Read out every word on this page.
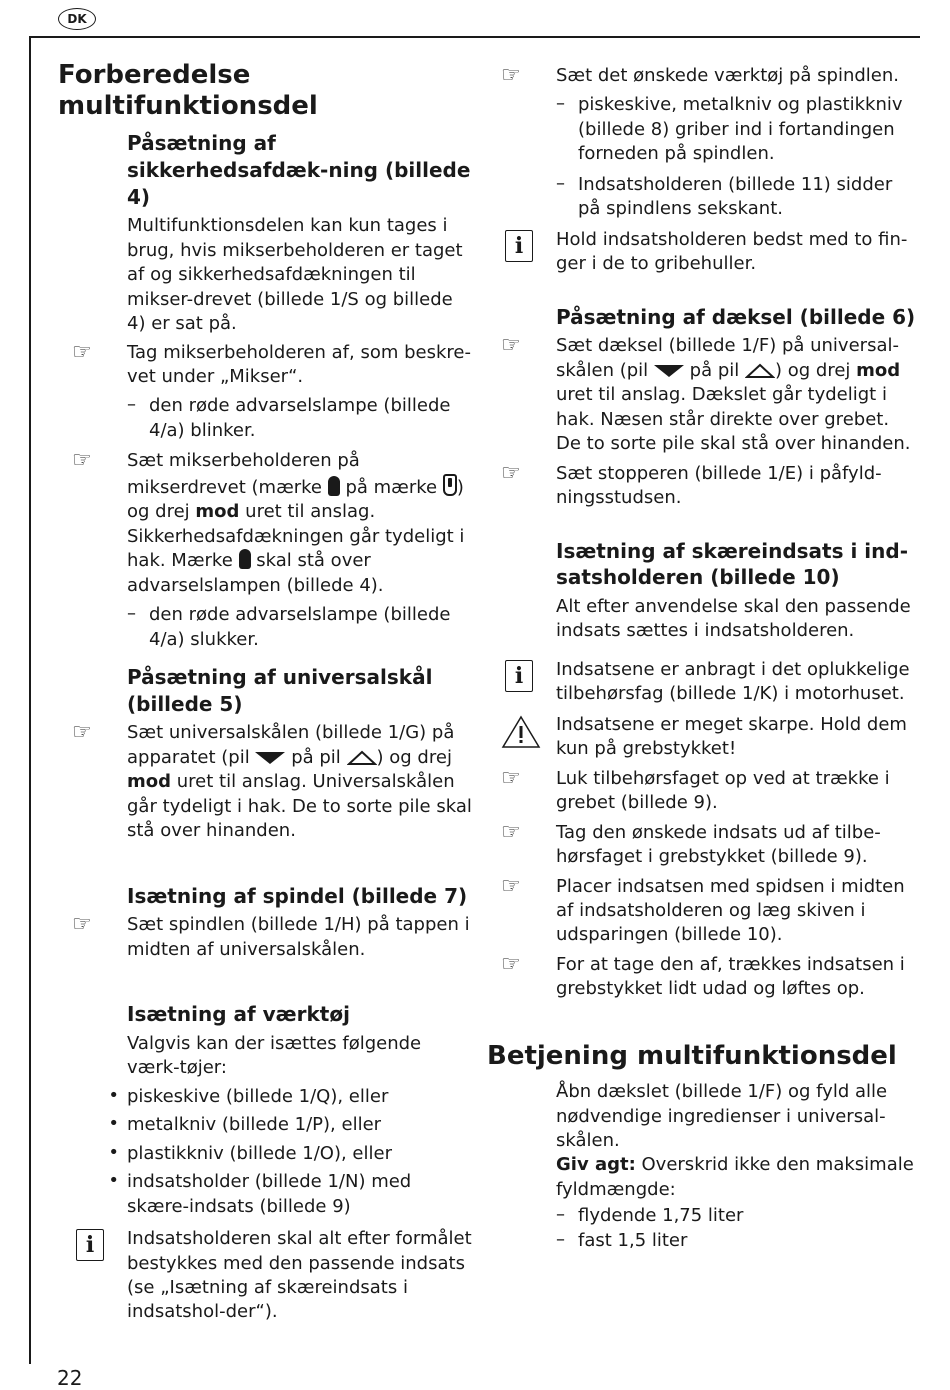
DK
Forberedelse multifunktionsdel
Påsætning af sikkerhedsafdæk-ning (billede 4)
Multifunktionsdelen kan kun tages i brug, hvis mikserbeholderen er taget af og sikkerhedsafdækningen til mikser-drevet (billede 1/S og billede 4) er sat på.
☞ Tag mikserbeholderen af, som beskre-vet under „Mikser“.
– den røde advarselslampe (billede 4/a) blinker.
☞ Sæt mikserbeholderen på mikserdrevet (mærke på mærke ) og drej mod uret til anslag. Sikkerhedsafdækningen går tydeligt i hak. Mærke skal stå over advarselslampen (billede 4).
– den røde advarselslampe (billede 4/a) slukker.
Påsætning af universalskål (billede 5)
☞ Sæt universalskålen (billede 1/G) på apparatet (pil på pil ) og drej mod uret til anslag. Universalskålen går tydeligt i hak. De to sorte pile skal stå over hinanden.
Isætning af spindel (billede 7)
☞ Sæt spindlen (billede 1/H) på tappen i midten af universalskålen.
Isætning af værktøj
Valgvis kan der isættes følgende værk-tøjer:
• piskeskive (billede 1/Q), eller
• metalkniv (billede 1/P), eller
• plastikkniv (billede 1/O), eller
• indsatsholder (billede 1/N) med skære-indsats (billede 9)
i	Indsatsholderen skal alt efter formålet bestykkes med den passende indsats (se „Isætning af skæreindsats i indsatshol-der“).
☞ Sæt det ønskede værktøj på spindlen.
– piskeskive, metalkniv og plastikkniv (billede 8) griber ind i fortandingen forneden på spindlen.
– Indsatsholderen (billede 11) sidder på spindlens sekskant.
i	Hold indsatsholderen bedst med to fin-ger i de to gribehuller.
Påsætning af dæksel (billede 6)
☞ Sæt dæksel (billede 1/F) på universal-skålen (pil på pil ) og drej mod uret til anslag. Dækslet går tydeligt i hak. Næsen står direkte over grebet. De to sorte pile skal stå over hinanden.
☞ Sæt stopperen (billede 1/E) i påfyld-ningsstudsen.
Isætning af skæreindsats i ind-satsholderen (billede 10)
Alt efter anvendelse skal den passende indsats sættes i indsatsholderen.
i	Indsatsene er anbragt i det oplukkelige tilbehørsfag (billede 1/K) i motorhuset.
Indsatsene er meget skarpe. Hold dem kun på grebstykket!
☞ Luk tilbehørsfaget op ved at trække i grebet (billede 9).
☞ Tag den ønskede indsats ud af tilbe-hørsfaget i grebstykket (billede 9).
☞ Placer indsatsen med spidsen i midten af indsatsholderen og læg skiven i udsparingen (billede 10).
☞ For at tage den af, trækkes indsatsen i grebstykket lidt udad og løftes op.
Betjening multifunktionsdel
Åbn dækslet (billede 1/F) og fyld alle nødvendige ingredienser i universal-skålen.
Giv agt: Overskrid ikke den maksimale fyldmængde:
– flydende 1,75 liter
– fast 1,5 liter
22
